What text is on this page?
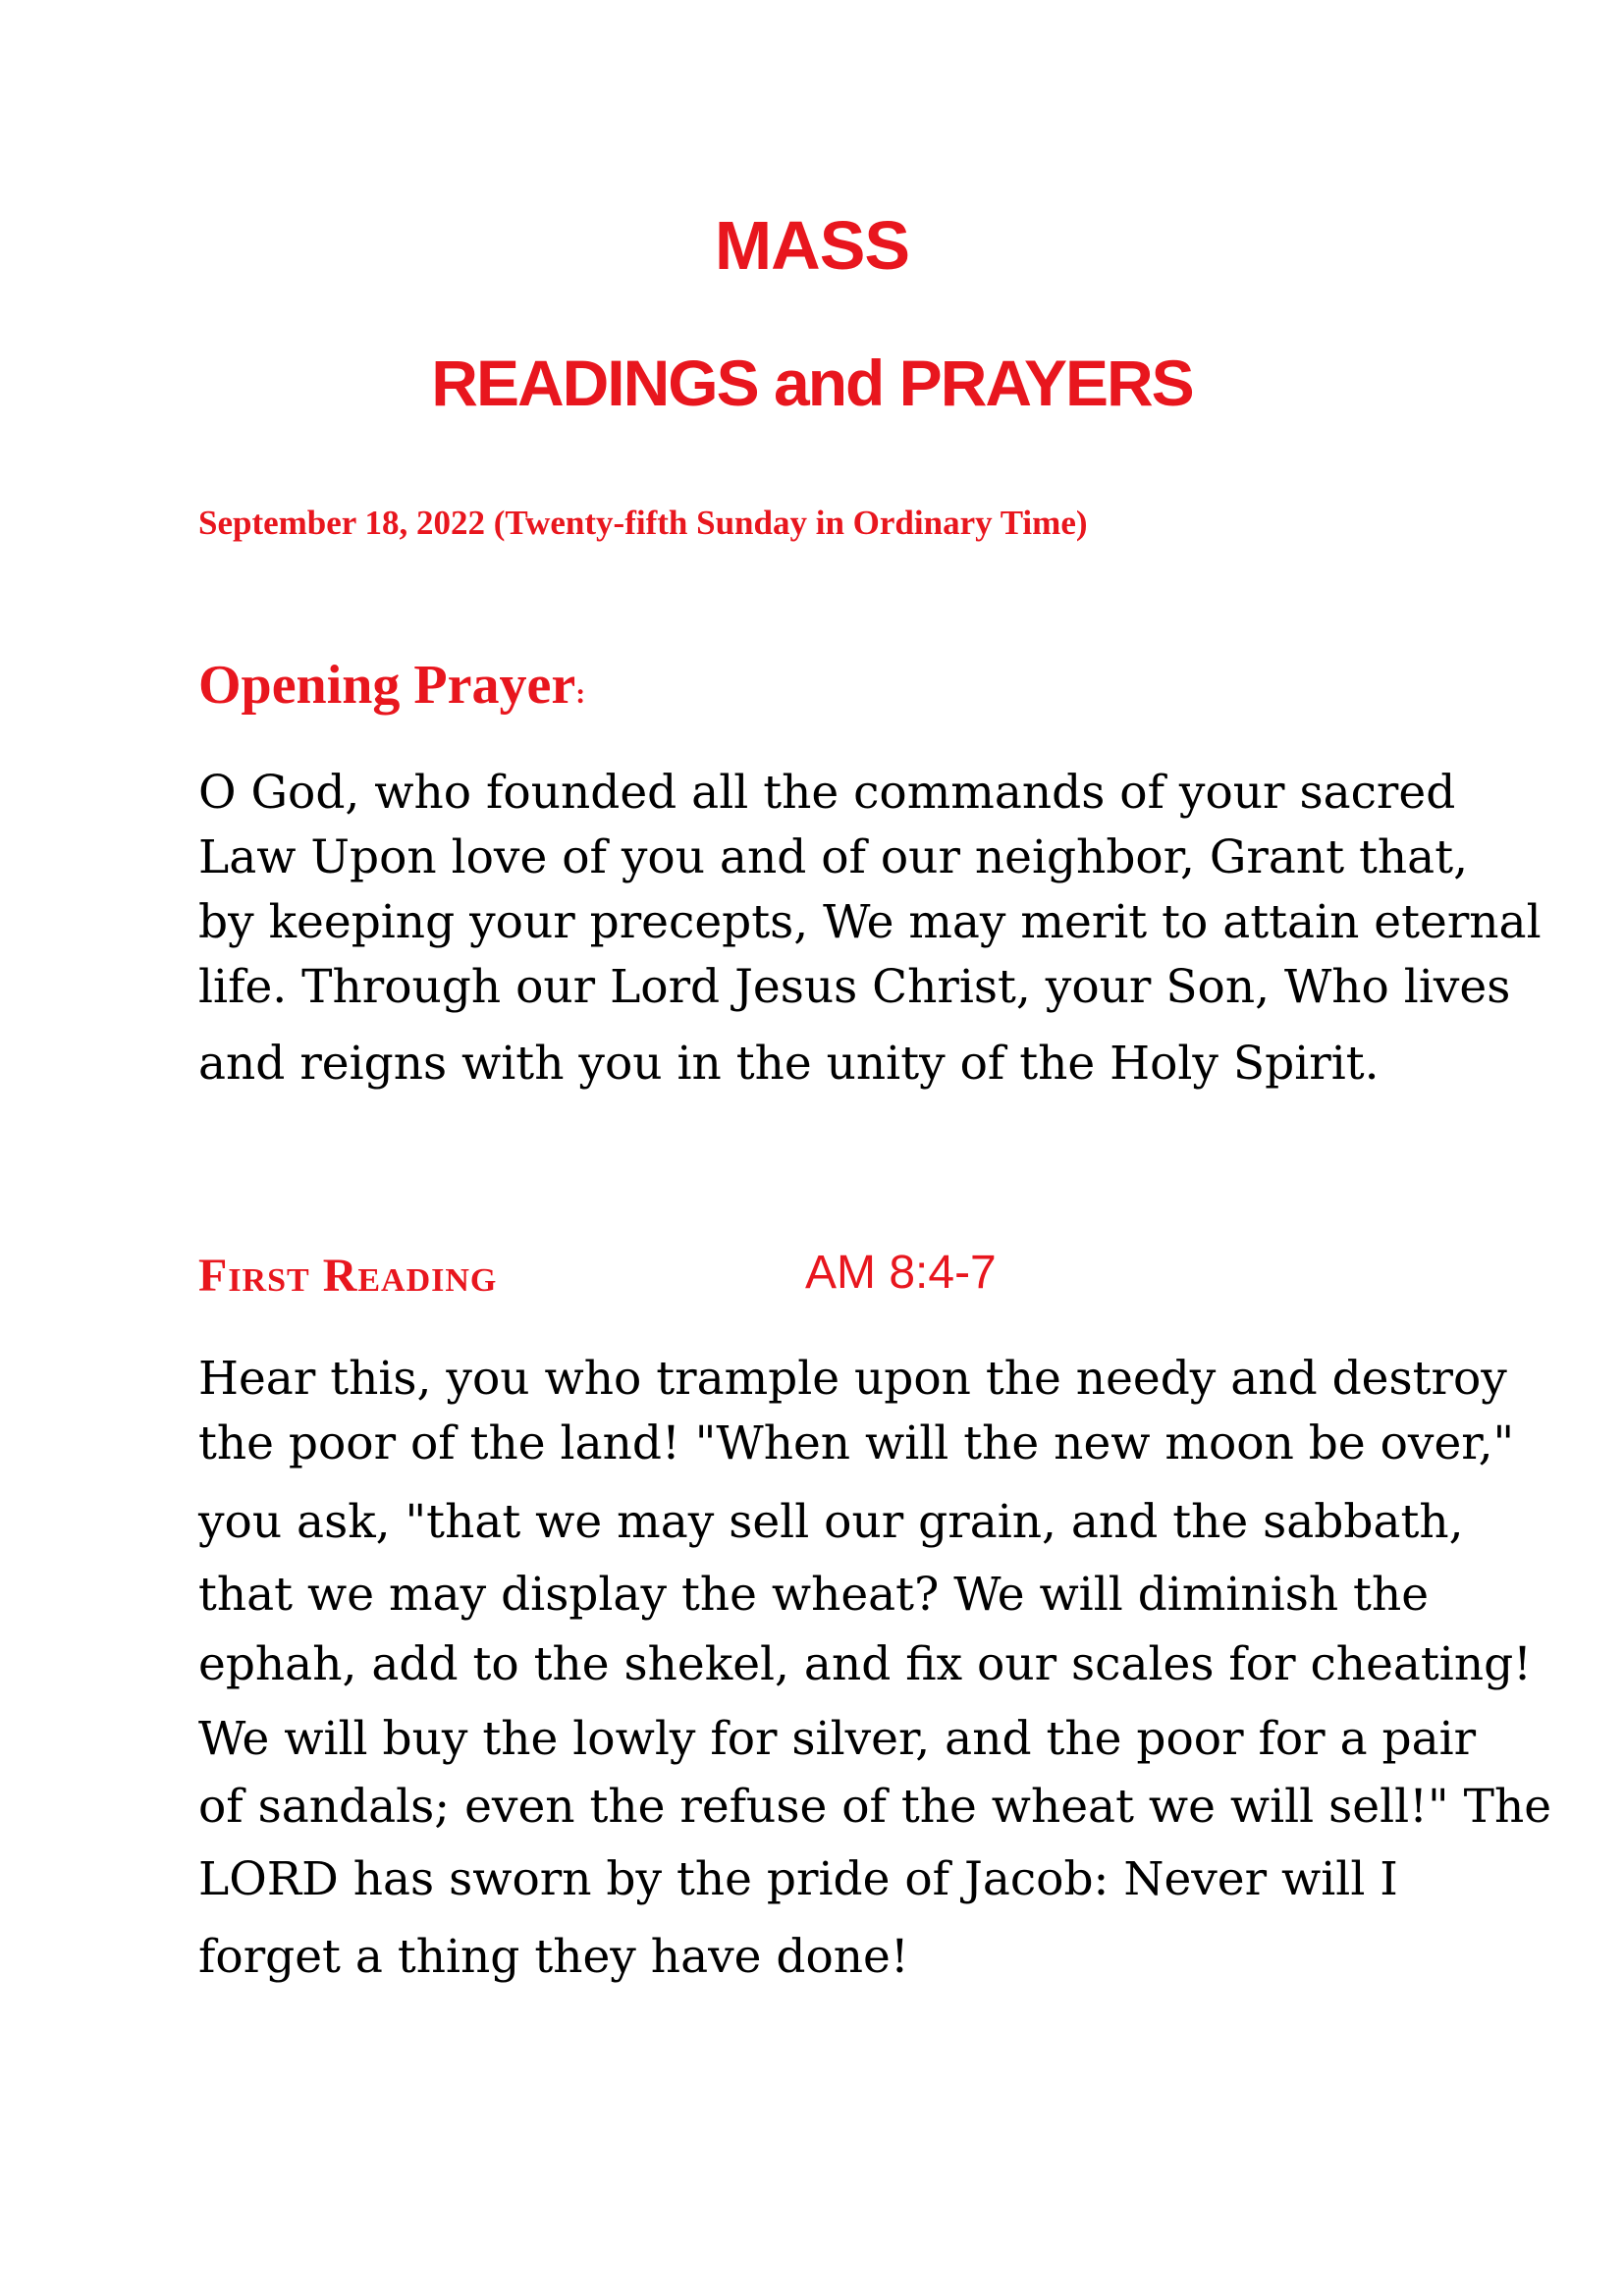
MASS
READINGS and PRAYERS
September 18, 2022 (Twenty-fifth Sunday in Ordinary Time)
Opening Prayer:
O God, who founded all the commands of your sacred
Law Upon love of you and of our neighbor, Grant that,
by keeping your precepts, We may merit to attain eternal
life. Through our Lord Jesus Christ, your Son, Who lives
and reigns with you in the unity of the Holy Spirit.
First Reading	AM 8:4-7
Hear this, you who trample upon the needy and destroy
the poor of the land! "When will the new moon be over,"
you ask, "that we may sell our grain, and the sabbath,
that we may display the wheat? We will diminish the
ephah, add to the shekel, and fix our scales for cheating!
We will buy the lowly for silver, and the poor for a pair
of sandals; even the refuse of the wheat we will sell!" The
LORD has sworn by the pride of Jacob: Never will I
forget a thing they have done!
